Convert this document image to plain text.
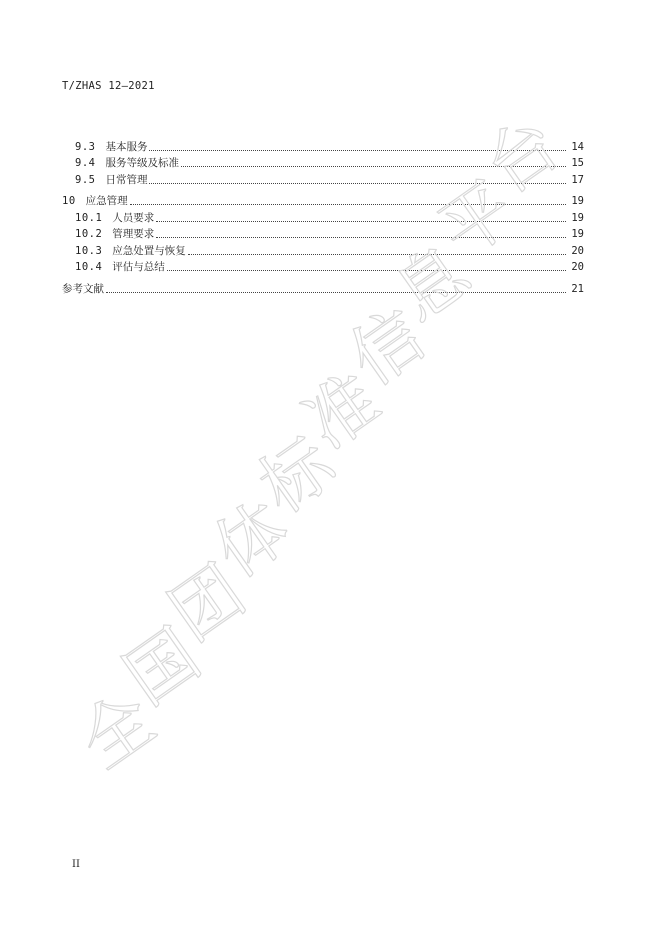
T/ZHAS 12—2021
9.3 基本服务	14
9.4 服务等级及标准	15
9.5 日常管理	17
10 应急管理	19
10.1 人员要求	19
10.2 管理要求	19
10.3 应急处置与恢复	20
10.4 评估与总结	20
参考文献	21
II
全
国
团
体
标
准
信
息
平
台
